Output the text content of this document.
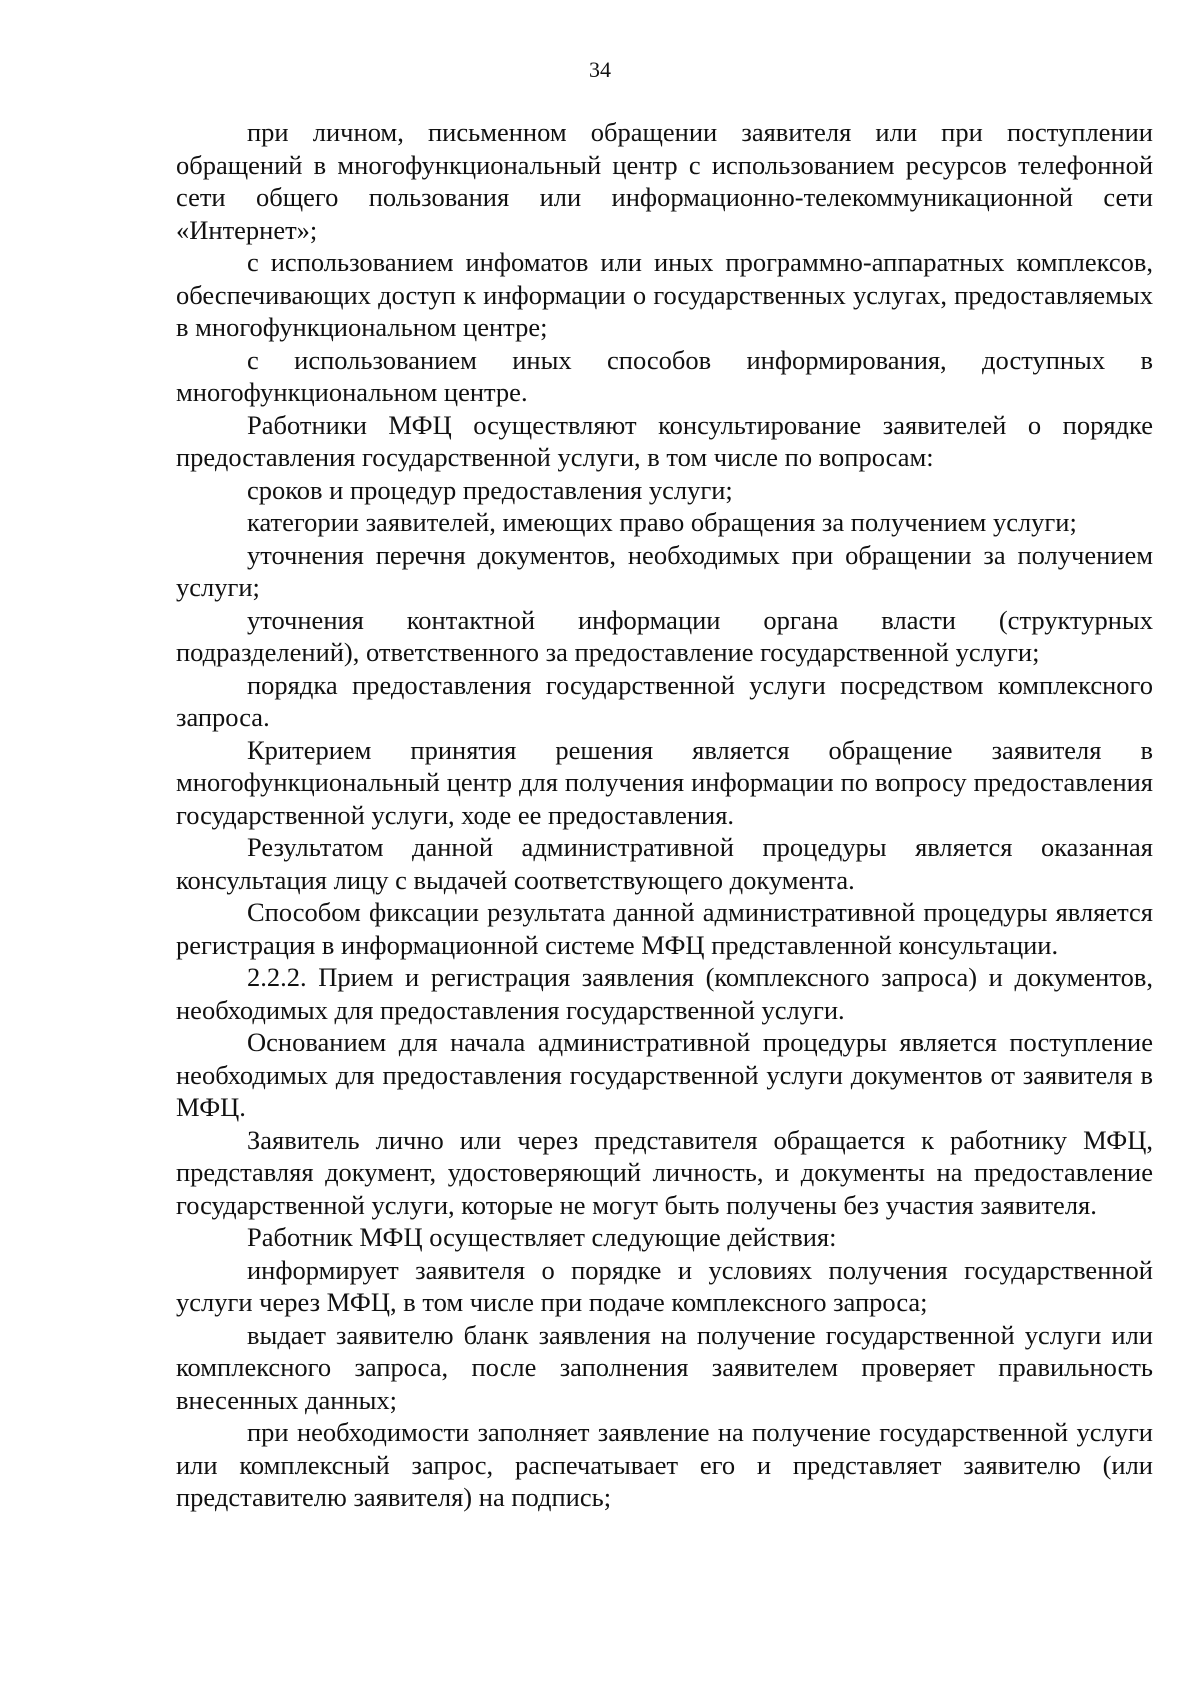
34

при личном, письменном обращении заявителя или при поступлении обращений в многофункциональный центр с использованием ресурсов телефонной сети общего пользования или информационно-телекоммуникационной сети «Интернет»;

с использованием инфоматов или иных программно-аппаратных комплексов, обеспечивающих доступ к информации о государственных услугах, предоставляемых в многофункциональном центре;

с использованием иных способов информирования, доступных в многофункциональном центре.

Работники МФЦ осуществляют консультирование заявителей о порядке предоставления государственной услуги, в том числе по вопросам:

сроков и процедур предоставления услуги;

категории заявителей, имеющих право обращения за получением услуги;

уточнения перечня документов, необходимых при обращении за получением услуги;

уточнения контактной информации органа власти (структурных подразделений), ответственного за предоставление государственной услуги;

порядка предоставления государственной услуги посредством комплексного запроса.

Критерием принятия решения является обращение заявителя в многофункциональный центр для получения информации по вопросу предоставления государственной услуги, ходе ее предоставления.

Результатом данной административной процедуры является оказанная консультация лицу с выдачей соответствующего документа.

Способом фиксации результата данной административной процедуры является регистрация в информационной системе МФЦ представленной консультации.

2.2.2. Прием и регистрация заявления (комплексного запроса) и документов, необходимых для предоставления государственной услуги.

Основанием для начала административной процедуры является поступление необходимых для предоставления государственной услуги документов от заявителя в МФЦ.

Заявитель лично или через представителя обращается к работнику МФЦ, представляя документ, удостоверяющий личность, и документы на предоставление государственной услуги, которые не могут быть получены без участия заявителя.

Работник МФЦ осуществляет следующие действия:

информирует заявителя о порядке и условиях получения государственной услуги через МФЦ, в том числе при подаче комплексного запроса;

выдает заявителю бланк заявления на получение государственной услуги или комплексного запроса, после заполнения заявителем проверяет правильность внесенных данных;

при необходимости заполняет заявление на получение государственной услуги или комплексный запрос, распечатывает его и представляет заявителю (или представителю заявителя) на подпись;
